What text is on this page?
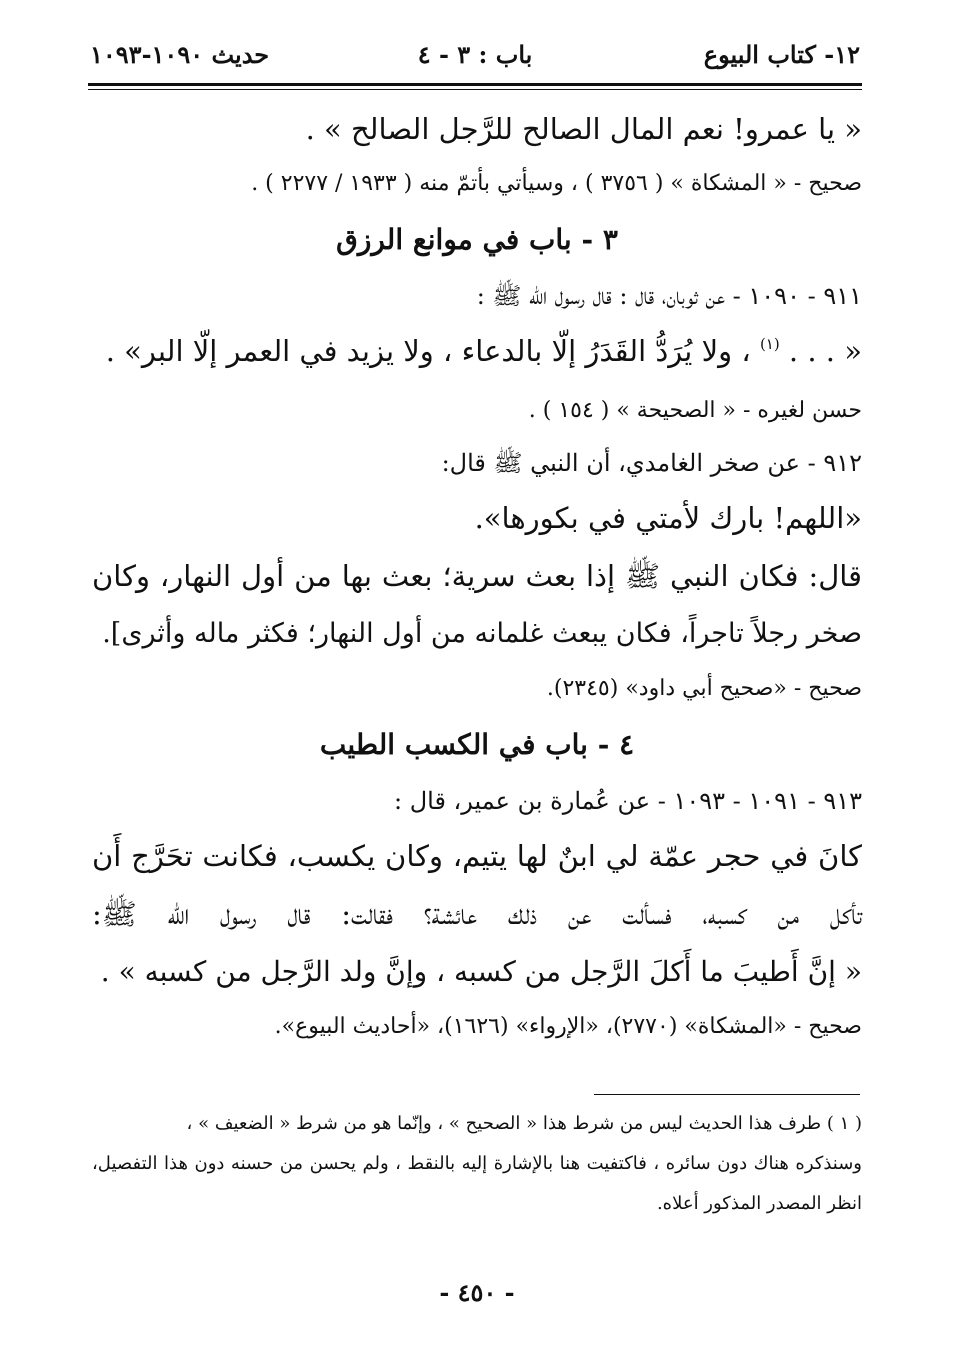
١٢- كتاب البيوع
باب : ٣ - ٤
حديث ١٠٩٠-١٠٩٣
« يا عمرو! نعم المال الصالح للرَّجل الصالح » .
صحيح - « المشكاة » ( ٣٧٥٦ ) ، وسيأتي بأتمّ منه ( ١٩٣٣ / ٢٢٧٧ ) .
٣ - باب في موانع الرزق
٩١١ - ١٠٩٠ - عن ثوبان، قال : قال رسول الله ﷺ :
« . . . $^{(١)}$ ، ولا يُرَدُّ القَدَرُ إلّا بالدعاء ، ولا يزيد في العمر إلّا البر» .
حسن لغيره - « الصحيحة » ( ١٥٤ ) .
٩١٢ - عن صخر الغامدي، أن النبي ﷺ قال:
«اللهم! بارك لأمتي في بكورها».
قال: فكان النبي ﷺ إذا بعث سرية؛ بعث بها من أول النهار، وكان
صخر رجلاً تاجراً، فكان يبعث غلمانه من أول النهار؛ فكثر ماله وأثرى].
صحيح - «صحيح أبي داود» (٢٣٤٥).
٤ - باب في الكسب الطيب
٩١٣ - ١٠٩١ - ١٠٩٣ - عن عُمارة بن عمير، قال :
كانَ في حجر عمّة لي ابنٌ لها يتيم، وكان يكسب، فكانت تحَرَّج أَن
تأكل من كسبه، فسألت عن ذلك عائشة؟ فقالت: قال رسول الله ﷺ:
« إنَّ أَطيبَ ما أَكلَ الرَّجل من كسبه ، وإنَّ ولد الرَّجل من كسبه » .
صحيح - «المشكاة» (٢٧٧٠)، «الإرواء» (١٦٢٦)، «أحاديث البيوع».
( ١ ) طرف هذا الحديث ليس من شرط هذا « الصحيح » ، وإنّما هو من شرط « الضعيف » ،
وسنذكره هناك دون سائره ، فاكتفيت هنا بالإشارة إليه بالنقط ، ولم يحسن من حسنه دون هذا التفصيل،
انظر المصدر المذكور أعلاه.
- ٤٥٠ -
